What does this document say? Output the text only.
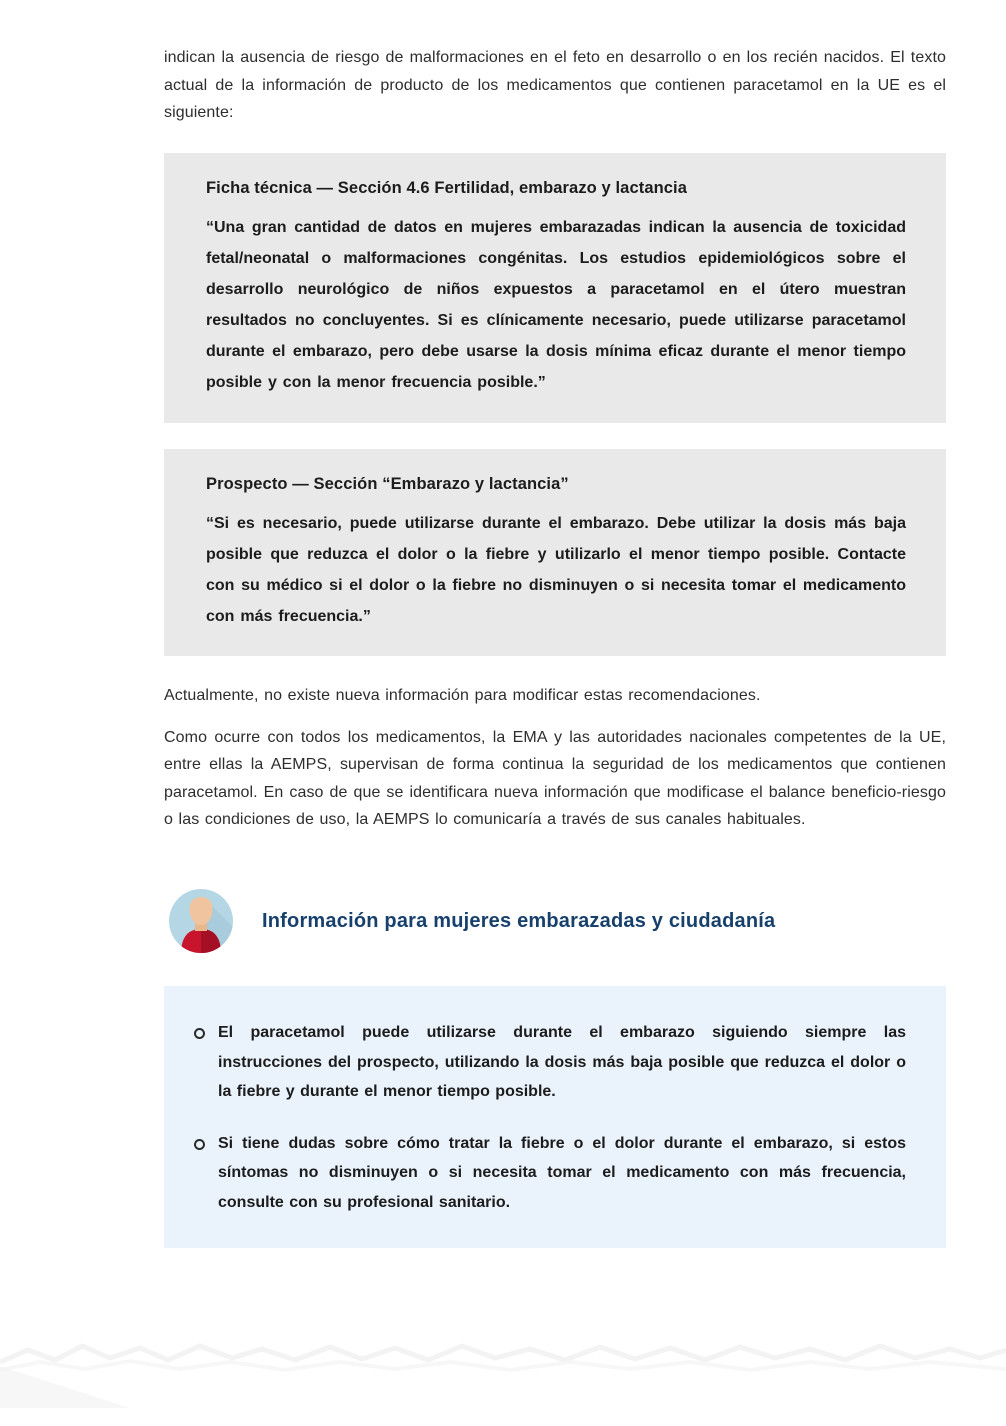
indican la ausencia de riesgo de malformaciones en el feto en desarrollo o en los recién nacidos. El texto actual de la información de producto de los medicamentos que contienen paracetamol en la UE es el siguiente:

Ficha técnica — Sección 4.6 Fertilidad, embarazo y lactancia

“Una gran cantidad de datos en mujeres embarazadas indican la ausencia de toxicidad fetal/neonatal o malformaciones congénitas. Los estudios epidemiológicos sobre el desarrollo neurológico de niños expuestos a paracetamol en el útero muestran resultados no concluyentes. Si es clínicamente necesario, puede utilizarse paracetamol durante el embarazo, pero debe usarse la dosis mínima eficaz durante el menor tiempo posible y con la menor frecuencia posible.”

Prospecto — Sección “Embarazo y lactancia”

“Si es necesario, puede utilizarse durante el embarazo. Debe utilizar la dosis más baja posible que reduzca el dolor o la fiebre y utilizarlo el menor tiempo posible. Contacte con su médico si el dolor o la fiebre no disminuyen o si necesita tomar el medicamento con más frecuencia.”

Actualmente, no existe nueva información para modificar estas recomendaciones.

Como ocurre con todos los medicamentos, la EMA y las autoridades nacionales competentes de la UE, entre ellas la AEMPS, supervisan de forma continua la seguridad de los medicamentos que contienen paracetamol. En caso de que se identificara nueva información que modificase el balance beneficio-riesgo o las condiciones de uso, la AEMPS lo comunicaría a través de sus canales habituales.

Información para mujeres embarazadas y ciudadanía
El paracetamol puede utilizarse durante el embarazo siguiendo siempre las instrucciones del prospecto, utilizando la dosis más baja posible que reduzca el dolor o la fiebre y durante el menor tiempo posible.
Si tiene dudas sobre cómo tratar la fiebre o el dolor durante el embarazo, si estos síntomas no disminuyen o si necesita tomar el medicamento con más frecuencia, consulte con su profesional sanitario.
